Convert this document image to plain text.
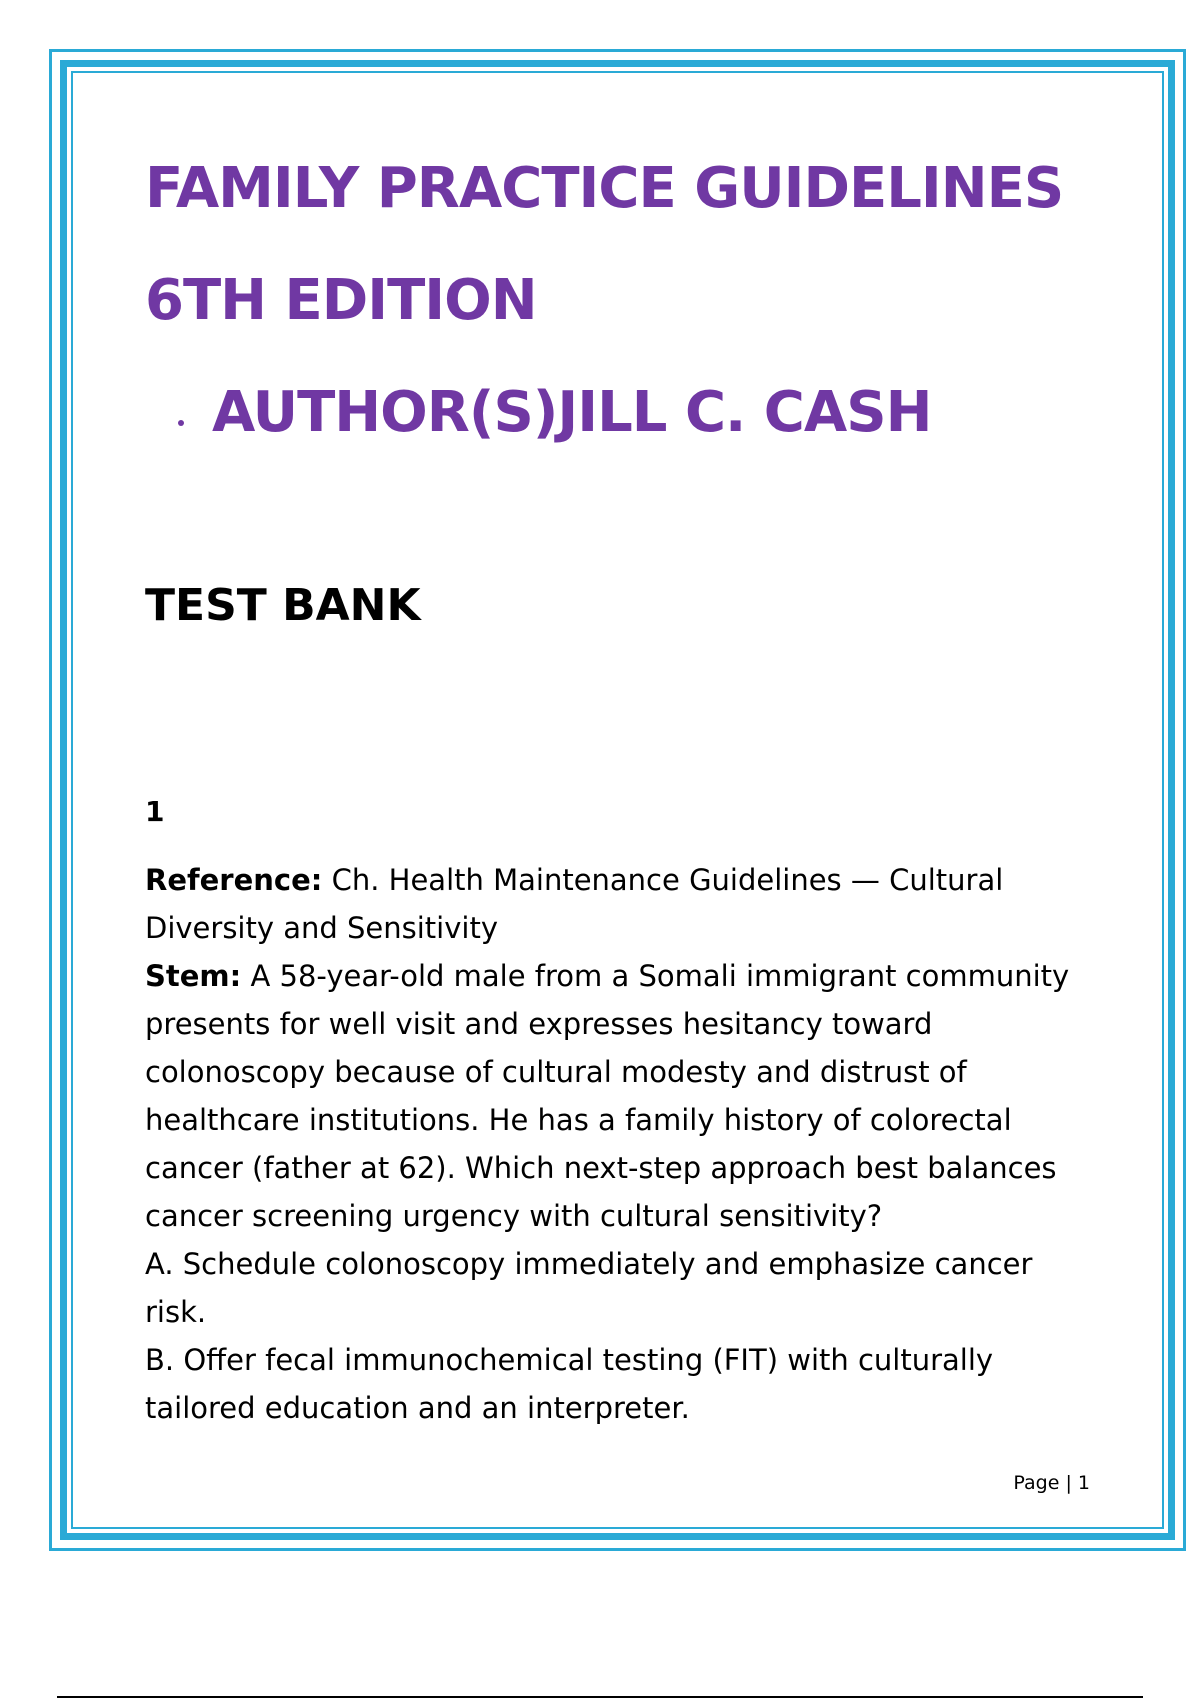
FAMILY PRACTICE GUIDELINES
6TH EDITION
AUTHOR(S)JILL C. CASH
TEST BANK
1

Reference: Ch. Health Maintenance Guidelines — Cultural Diversity and Sensitivity

Stem: A 58-year-old male from a Somali immigrant community presents for well visit and expresses hesitancy toward colonoscopy because of cultural modesty and distrust of healthcare institutions. He has a family history of colorectal cancer (father at 62). Which next-step approach best balances cancer screening urgency with cultural sensitivity?

A. Schedule colonoscopy immediately and emphasize cancer risk.

B. Offer fecal immunochemical testing (FIT) with culturally tailored education and an interpreter.

Page | 1
